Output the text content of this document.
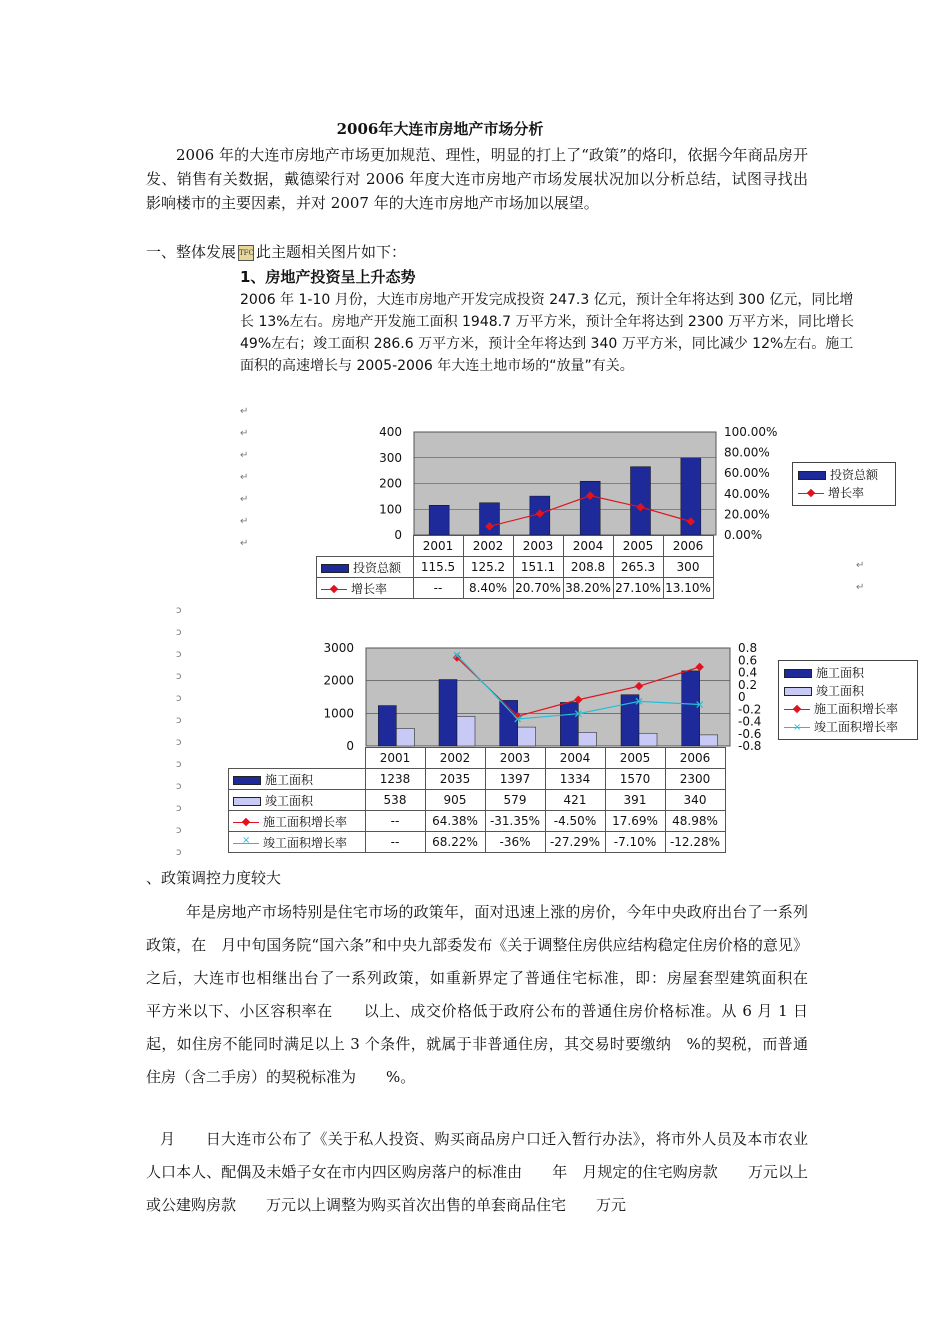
2006年大连市房地产市场分析

2006 年的大连市房地产市场更加规范、理性，明显的打上了“政策”的烙印，依据今年商品房开发、销售有关数据，戴德梁行对 2006 年度大连市房地产市场发展状况加以分析总结，试图寻找出影响楼市的主要因素，并对 2007 年的大连市房地产市场加以展望。

一、整体发展 TFC 此主题相关图片如下：
1、房地产投资呈上升态势

2006 年 1-10 月份，大连市房地产开发完成投资 247.3 亿元，预计全年将达到 300 亿元，同比增长 13%左右。房地产开发施工面积 1948.7 万平方米，预计全年将达到 2300 万平方米，同比增长 49%左右；竣工面积 286.6 万平方米，预计全年将达到 340 万平方米，同比减少 12%左右。施工面积的高速增长与 2005-2006 年大连土地市场的“放量”有关。

↵
↵
↵
↵
↵
↵
↵
↵
↵
400
300
200
100
0
100.00%
80.00%
60.00%
40.00%
20.00%
0.00%
投资总额
增长率
	2001	2002	2003	2004	2005	2006
投资总额	115.5	125.2	151.1	208.8	265.3	300
增长率	--	8.40%	20.70%	38.20%	27.10%	13.10%
ↄ
ↄ
ↄ
ↄ
ↄ
ↄ
ↄ
ↄ
ↄ
ↄ
ↄ
ↄ
3000
2000
1000
0
0.8
0.6
0.4
0.2
0
-0.2
-0.4
-0.6
-0.8
施工面积
竣工面积
施工面积增长率
×竣工面积增长率
	2001	2002	2003	2004	2005	2006
施工面积	1238	2035	1397	1334	1570	2300
竣工面积	538	905	579	421	391	340
施工面积增长率	--	64.38%	-31.35%	-4.50%	17.69%	48.98%
×竣工面积增长率	--	68.22%	-36%	-27.29%	-7.10%	-12.28%
、政策调控力度较大

年是房地产市场特别是住宅市场的政策年，面对迅速上涨的房价，今年中央政府出台了一系列政策，在　月中旬国务院“国六条”和中央九部委发布《关于调整住房供应结构稳定住房价格的意见》之后，大连市也相继出台了一系列政策，如重新界定了普通住宅标准，即：房屋套型建筑面积在　　平方米以下、小区容积率在　　以上、成交价格低于政府公布的普通住房价格标准。从 6 月 1 日起，如住房不能同时满足以上 3 个条件，就属于非普通住房，其交易时要缴纳　%的契税，而普通住房（含二手房）的契税标准为　　%。

月　　日大连市公布了《关于私人投资、购买商品房户口迁入暂行办法》，将市外人员及本市农业人口本人、配偶及未婚子女在市内四区购房落户的标准由　　年　月规定的住宅购房款　　万元以上或公建购房款　　万元以上调整为购买首次出售的单套商品住宅　　万元
